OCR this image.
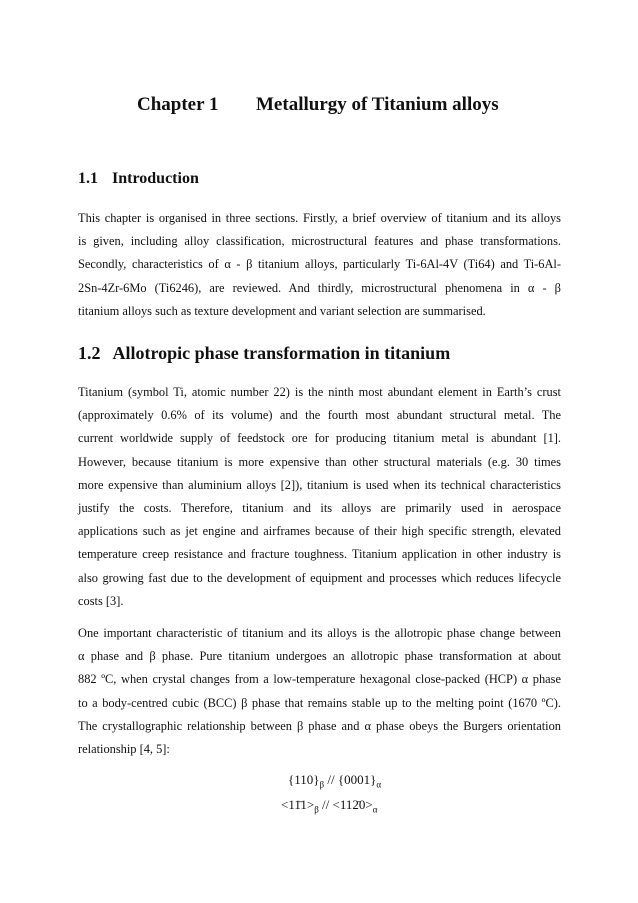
Chapter 1 Metallurgy of Titanium alloys
1.1 Introduction

This chapter is organised in three sections. Firstly, a brief overview of titanium and its alloys
is given, including alloy classification, microstructural features and phase transformations.
Secondly, characteristics of α - β titanium alloys, particularly Ti-6Al-4V (Ti64) and Ti-6Al-
2Sn-4Zr-6Mo (Ti6246), are reviewed. And thirdly, microstructural phenomena in α - β
titanium alloys such as texture development and variant selection are summarised.

1.2 Allotropic phase transformation in titanium

Titanium (symbol Ti, atomic number 22) is the ninth most abundant element in Earth’s crust
(approximately 0.6% of its volume) and the fourth most abundant structural metal. The
current worldwide supply of feedstock ore for producing titanium metal is abundant [1].
However, because titanium is more expensive than other structural materials (e.g. 30 times
more expensive than aluminium alloys [2]), titanium is used when its technical characteristics
justify the costs. Therefore, titanium and its alloys are primarily used in aerospace
applications such as jet engine and airframes because of their high specific strength, elevated
temperature creep resistance and fracture toughness. Titanium application in other industry is
also growing fast due to the development of equipment and processes which reduces lifecycle
costs [3].

One important characteristic of titanium and its alloys is the allotropic phase change between
α phase and β phase. Pure titanium undergoes an allotropic phase transformation at about
882 ºC, when crystal changes from a low-temperature hexagonal close-packed (HCP) α phase
to a body-centred cubic (BCC) β phase that remains stable up to the melting point (1670 ºC).
The crystallographic relationship between β phase and α phase obeys the Burgers orientation
relationship [4, 5]:

$\{110\}_\beta // \{0001\}_\alpha$
$<11̄1>_\beta$ // $<112̄0>_\alpha$
